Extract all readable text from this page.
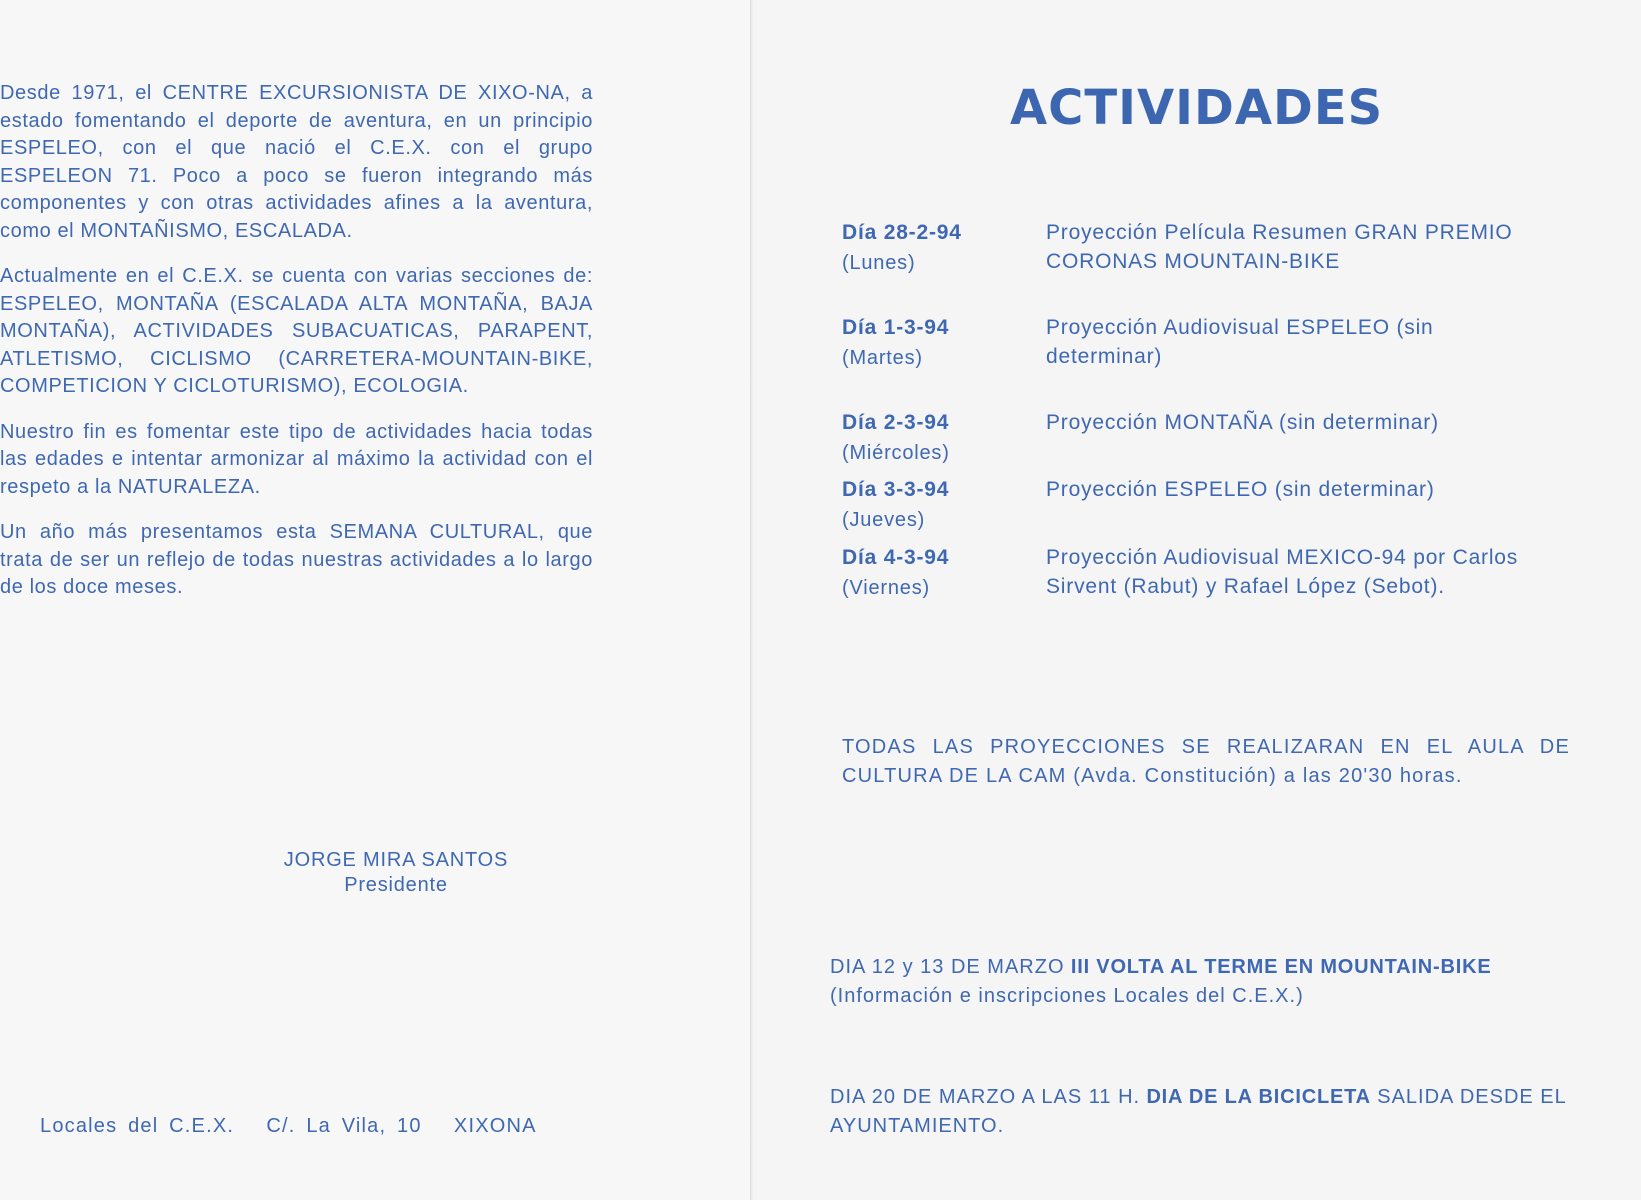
Desde 1971, el CENTRE EXCURSIONISTA DE XIXO-NA, a estado fomentando el deporte de aventura, en un principio ESPELEO, con el que nació el C.E.X. con el grupo ESPELEON 71. Poco a poco se fueron integrando más componentes y con otras actividades afines a la aventura, como el MONTAÑISMO, ESCALADA.

Actualmente en el C.E.X. se cuenta con varias secciones de: ESPELEO, MONTAÑA (ESCALADA ALTA MONTAÑA, BAJA MONTAÑA), ACTIVIDADES SUBACUATICAS, PARAPENT, ATLETISMO, CICLISMO (CARRETERA-MOUNTAIN-BIKE, COMPETICION Y CICLOTURISMO), ECOLOGIA.

Nuestro fin es fomentar este tipo de actividades hacia todas las edades e intentar armonizar al máximo la actividad con el respeto a la NATURALEZA.

Un año más presentamos esta SEMANA CULTURAL, que trata de ser un reflejo de todas nuestras actividades a lo largo de los doce meses.

JORGE MIRA SANTOS
Presidente
Locales del C.E.X.   C/. La Vila, 10   XIXONA
ACTIVIDADES
Día 28-2-94
(Lunes)
Proyección Película Resumen GRAN PREMIO CORONAS MOUNTAIN-BIKE
Día 1-3-94
(Martes)
Proyección Audiovisual ESPELEO (sin determinar)
Día 2-3-94
(Miércoles)
Proyección MONTAÑA (sin determinar)
Día 3-3-94
(Jueves)
Proyección ESPELEO (sin determinar)
Día 4-3-94
(Viernes)
Proyección Audiovisual MEXICO-94 por Carlos Sirvent (Rabut) y Rafael López (Sebot).
TODAS LAS PROYECCIONES SE REALIZARAN EN EL AULA DE CULTURA DE LA CAM (Avda. Constitución) a las 20'30 horas.
DIA 12 y 13 DE MARZO III VOLTA AL TERME EN MOUNTAIN-BIKE
(Información e inscripciones Locales del C.E.X.)
DIA 20 DE MARZO A LAS 11 H. DIA DE LA BICICLETA SALIDA DESDE EL AYUNTAMIENTO.
